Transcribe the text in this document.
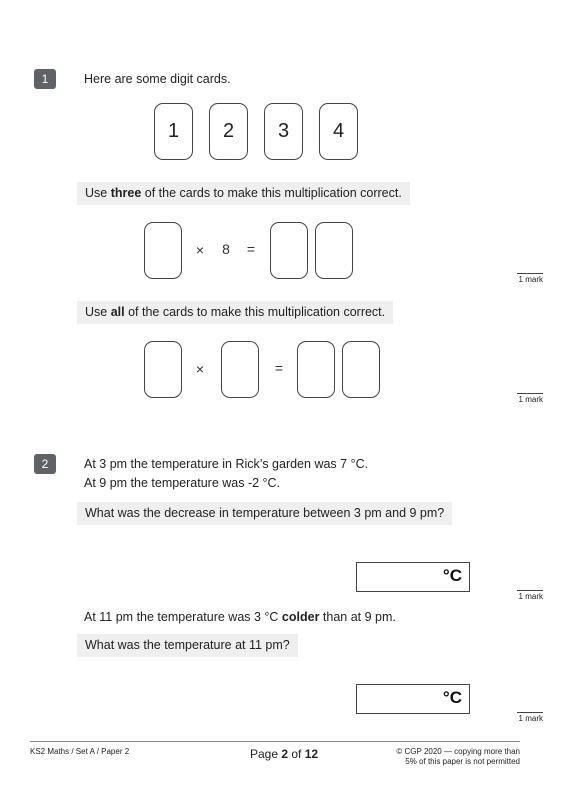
1	Here are some digit cards.
1	2	3	4
Use three of the cards to make this multiplication correct.
× 8 =
1 mark
Use all of the cards to make this multiplication correct.
×	=
1 mark
2	At 3 pm the temperature in Rick’s garden was 7 °C.
At 9 pm the temperature was -2 °C.
What was the decrease in temperature between 3 pm and 9 pm?
°C
1 mark
At 11 pm the temperature was 3 °C colder than at 9 pm.
What was the temperature at 11 pm?
°C
1 mark
KS2 Maths / Set A / Paper 2	Page 2 of 12	© CGP 2020 — copying more than
5% of this paper is not permitted
